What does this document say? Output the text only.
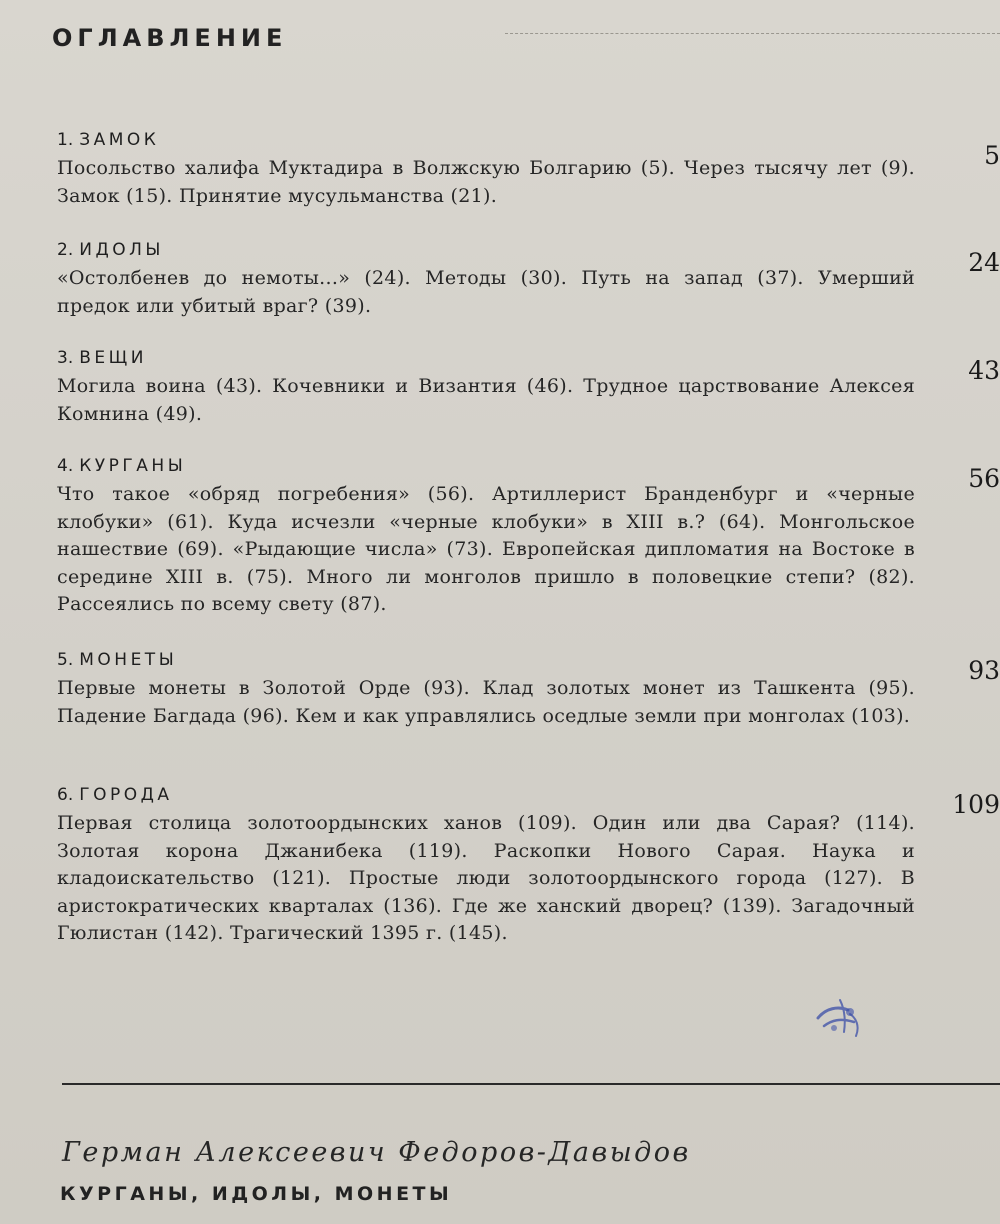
ОГЛАВЛЕНИЕ
1. ЗАМОК
Посольство халифа Муктадира в Волжскую Болгарию (5). Через тысячу лет (9). Замок (15). Принятие мусульманства (21).
5
2. ИДОЛЫ
«Остолбенев до немоты...» (24). Методы (30). Путь на запад (37). Умерший предок или убитый враг? (39).
24
3. ВЕЩИ
Могила воина (43). Кочевники и Византия (46). Трудное царствование Алексея Комнина (49).
43
4. КУРГАНЫ
Что такое «обряд погребения» (56). Артиллерист Бранденбург и «черные клобуки» (61). Куда исчезли «черные клобуки» в XIII в.? (64). Монгольское нашествие (69). «Рыдающие числа» (73). Европейская дипломатия на Востоке в середине XIII в. (75). Много ли монголов пришло в половецкие степи? (82). Рассеялись по всему свету (87).
56
5. МОНЕТЫ
Первые монеты в Золотой Орде (93). Клад золотых монет из Ташкента (95). Падение Багдада (96). Кем и как управлялись оседлые земли при монголах (103).
93
6. ГОРОДА
Первая столица золотоордынских ханов (109). Один или два Сарая? (114). Золотая корона Джанибека (119). Раскопки Нового Сарая. Наука и кладоискательство (121). Простые люди золотоордынского города (127). В аристократических кварталах (136). Где же ханский дворец? (139). Загадочный Гюлистан (142). Трагический 1395 г. (145).
109
Герман Алексеевич Федоров-Давыдов
КУРГАНЫ, ИДОЛЫ, МОНЕТЫ
